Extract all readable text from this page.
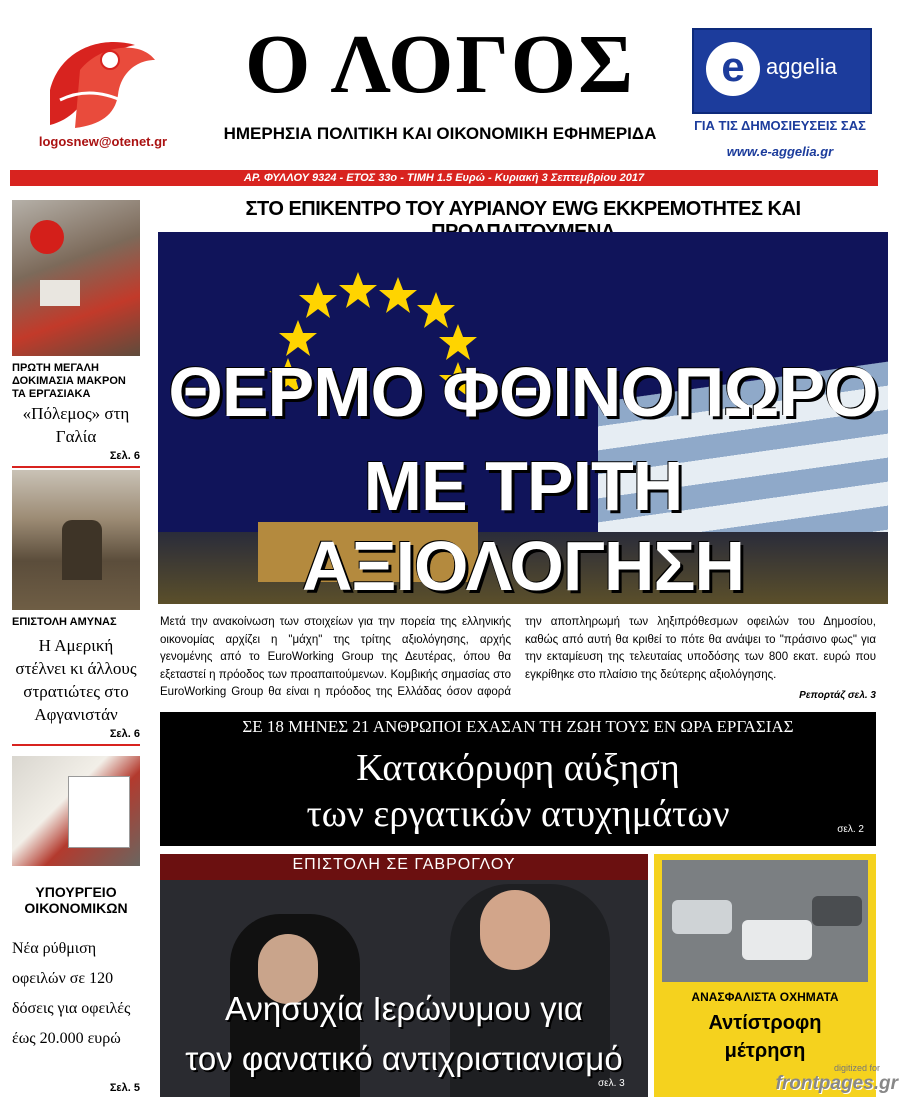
Ο ΛΟΓΟΣ
ΗΜΕΡΗΣΙΑ ΠΟΛΙΤΙΚΗ ΚΑΙ ΟΙΚΟΝΟΜΙΚΗ ΕΦΗΜΕΡΙΔΑ
logosnew@otenet.gr
e aggelia
ΓΙΑ ΤΙΣ ΔΗΜΟΣΙΕΥΣΕΙΣ ΣΑΣ
www.e-aggelia.gr
ΑΡ. ΦΥΛΛΟΥ 9324 - ΕΤΟΣ 33ο - ΤΙΜΗ 1.5 Ευρώ - Κυριακή 3 Σεπτεμβρίου 2017
ΠΡΩΤΗ ΜΕΓΑΛΗ ΔΟΚΙΜΑΣΙΑ ΜΑΚΡΟΝ ΤΑ ΕΡΓΑΣΙΑΚΑ
«Πόλεμος» στη Γαλία
Σελ. 6
ΕΠΙΣΤΟΛΗ ΑΜΥΝΑΣ
Η Αμερική στέλνει κι άλλους στρατιώτες στο Αφγανιστάν
Σελ. 6
ΥΠΟΥΡΓΕΙΟ ΟΙΚΟΝΟΜΙΚΩΝ
Νέα ρύθμιση οφειλών σε 120 δόσεις για οφειλές έως 20.000 ευρώ
Σελ. 5
ΣΤΟ ΕΠΙΚΕΝΤΡΟ ΤΟΥ ΑΥΡΙΑΝΟΥ EWG ΕΚΚΡΕΜΟΤΗΤΕΣ ΚΑΙ
ΘΕΡΜΟ ΦΘΙΝΟΠΩΡΟ
ΜΕ ΤΡΙΤΗ ΑΞΙΟΛΟΓΗΣΗ
Μετά την ανακοίνωση των στοιχείων για την πορεία της ελληνικής οικονομίας αρχίζει η "μάχη" της τρίτης αξιολόγησης, αρχής γενομένης από το EuroWorking Group της Δευτέρας, όπου θα εξεταστεί η πρόοδος των προαπαιτούμενων. Κομβικής σημασίας στο EuroWorking Group θα είναι η πρόοδος της Ελλάδας όσον αφορά την αποπληρωμή των ληξιπρόθεσμων οφειλών του Δημοσίου, καθώς από αυτή θα κριθεί το πότε θα ανάψει το "πράσινο φως" για την εκταμίευση της τελευταίας υποδόσης των 800 εκατ. ευρώ που εγκρίθηκε στο πλαίσιο της δεύτερης αξιολόγησης.
Ρεπορτάζ σελ. 3
ΣΕ 18 ΜΗΝΕΣ 21 ΑΝΘΡΩΠΟΙ ΕΧΑΣΑΝ ΤΗ ΖΩΗ ΤΟΥΣ ΕΝ ΩΡΑ ΕΡΓΑΣΙΑΣ
Κατακόρυφη αύξηση
των εργατικών ατυχημάτων	σελ. 2
ΕΠΙΣΤΟΛΗ ΣΕ ΓΑΒΡΟΓΛΟΥ
Ανησυχία Ιερώνυμου για
τον φανατικό αντιχριστιανισμό
σελ. 3
ΑΝΑΣΦΑΛΙΣΤΑ ΟΧΗΜΑΤΑ
Αντίστροφη
μέτρηση
digitized for
frontpages.gr
